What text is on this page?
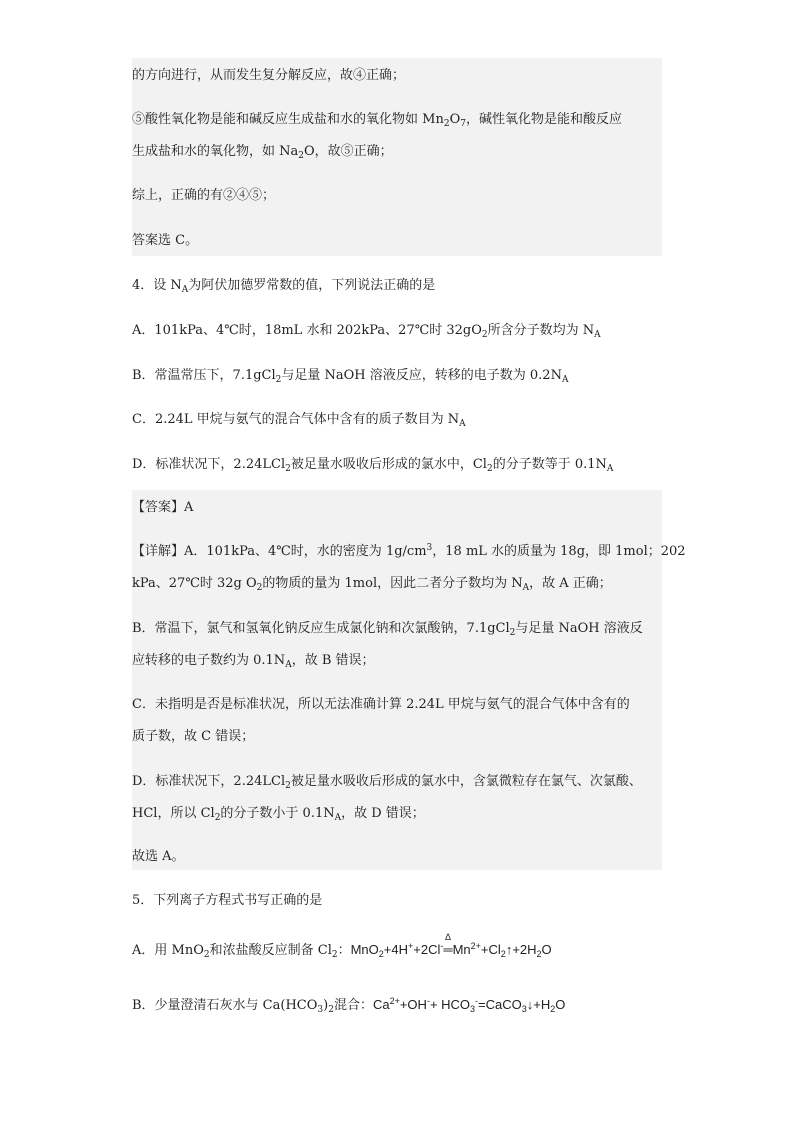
的方向进行，从而发生复分解反应，故④正确；
⑤酸性氧化物是能和碱反应生成盐和水的氧化物如 $Mn_2O_7$，碱性氧化物是能和酸反应
生成盐和水的氧化物，如 $Na_2O$，故⑤正确；
综上，正确的有②④⑤；
答案选 C。
4．设 $N_A$为阿伏加德罗常数的值，下列说法正确的是
A．101kPa、4℃时，18mL 水和 202kPa、27℃时 $32gO_2$所含分子数均为 $N_A$
B．常温常压下，7.1gCl$_2$与足量 NaOH 溶液反应，转移的电子数为 $0.2N_A$
C．2.24L 甲烷与氨气的混合气体中含有的质子数目为 $N_A$
D．标准状况下，2.24LCl$_2$被足量水吸收后形成的氯水中，$Cl_2$的分子数等于 $0.1N_A$
【答案】A
【详解】A．101kPa、4℃时，水的密度为 $1g/cm^3$，18 mL 水的质量为 18g，即 1mol；202
kPa、27℃时 32g $O_2$的物质的量为 1mol，因此二者分子数均为 $N_A$，故 A 正确；
B．常温下，氯气和氢氧化钠反应生成氯化钠和次氯酸钠，7.1gCl$_2$与足量 NaOH 溶液反
应转移的电子数约为 $0.1N_A$，故 B 错误；
C．未指明是否是标准状况，所以无法准确计算 2.24L 甲烷与氨气的混合气体中含有的
质子数，故 C 错误；
D．标准状况下，2.24LCl$_2$被足量水吸收后形成的氯水中，含氯微粒存在氯气、次氯酸、
HCl，所以 $Cl_2$的分子数小于 $0.1N_A$，故 D 错误；
故选 A。
5．下列离子方程式书写正确的是
A．用 MnO$_2$和浓盐酸反应制备 $Cl_2$：MnO$_2$+4H++2Cl-
Δ
$═Mn^{2+}+Cl_2↑+2H_2O$
B．少量澄清石灰水与 $Ca(HCO_3)_2$混合：$Ca^{2+}+OH^-+$ $HCO_3^-=CaCO_3↓+H_2O$
